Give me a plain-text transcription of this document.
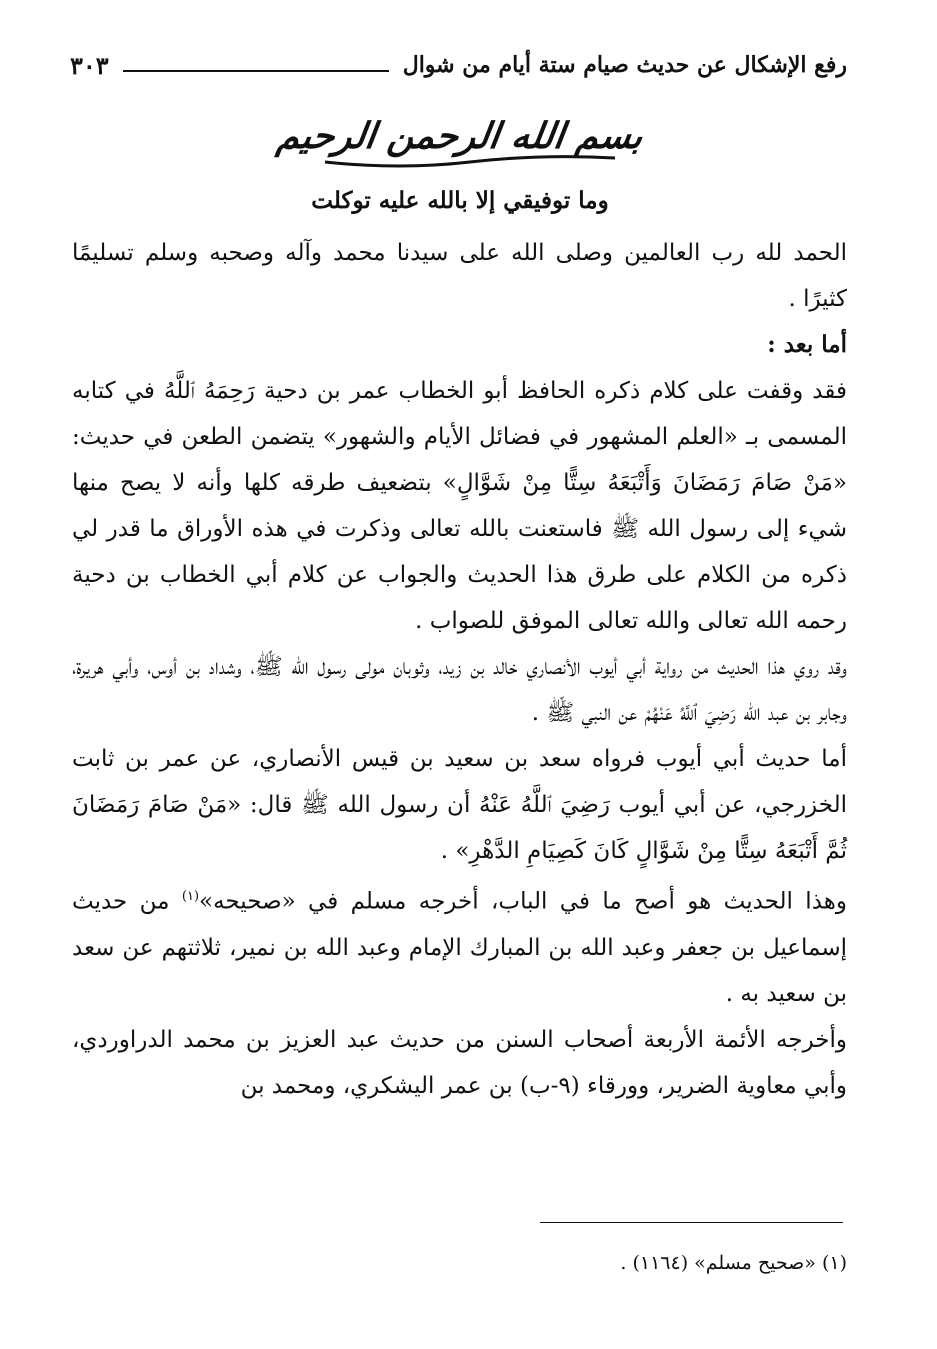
رفع الإشكال عن حديث صيام ستة أيام من شوال
٣٠٣
بسم الله الرحمن الرحيم
وما توفيقي إلا بالله عليه توكلت

الحمد لله رب العالمين وصلى الله على سيدنا محمد وآله وصحبه وسلم تسليمًا كثيرًا .

أما بعد :

فقد وقفت على كلام ذكره الحافظ أبو الخطاب عمر بن دحية رَحِمَهُ ٱللَّهُ في كتابه المسمى بـ «العلم المشهور في فضائل الأيام والشهور» يتضمن الطعن في حديث: «مَنْ صَامَ رَمَضَانَ وَأَتْبَعَهُ سِتًّا مِنْ شَوَّالٍ» بتضعيف طرقه كلها وأنه لا يصح منها شيء إلى رسول الله ﷺ فاستعنت بالله تعالى وذكرت في هذه الأوراق ما قدر لي ذكره من الكلام على طرق هذا الحديث والجواب عن كلام أبي الخطاب بن دحية رحمه الله تعالى والله تعالى الموفق للصواب .

وقد روي هذا الحديث من رواية أبي أيوب الأنصاري خالد بن زيد، وثوبان مولى رسول الله ﷺ، وشداد بن أوس، وأبي هريرة، وجابر بن عبد الله رَضِيَ ٱللَّهُ عَنْهُمْ عن النبي ﷺ .

أما حديث أبي أيوب فرواه سعد بن سعيد بن قيس الأنصاري، عن عمر بن ثابت الخزرجي، عن أبي أيوب رَضِيَ ٱللَّهُ عَنْهُ أن رسول الله ﷺ قال: «مَنْ صَامَ رَمَضَانَ ثُمَّ أَتْبَعَهُ سِتًّا مِنْ شَوَّالٍ كَانَ كَصِيَامِ الدَّهْرِ» .

وهذا الحديث هو أصح ما في الباب، أخرجه مسلم في «صحيحه»$^{(١)}$ من حديث إسماعيل بن جعفر وعبد الله بن المبارك الإمام وعبد الله بن نمير، ثلاثتهم عن سعد بن سعيد به .

وأخرجه الأئمة الأربعة أصحاب السنن من حديث عبد العزيز بن محمد الدراوردي، وأبي معاوية الضرير، وورقاء (٩-ب) بن عمر اليشكري، ومحمد بن

(١) «صحيح مسلم» (١١٦٤) .
